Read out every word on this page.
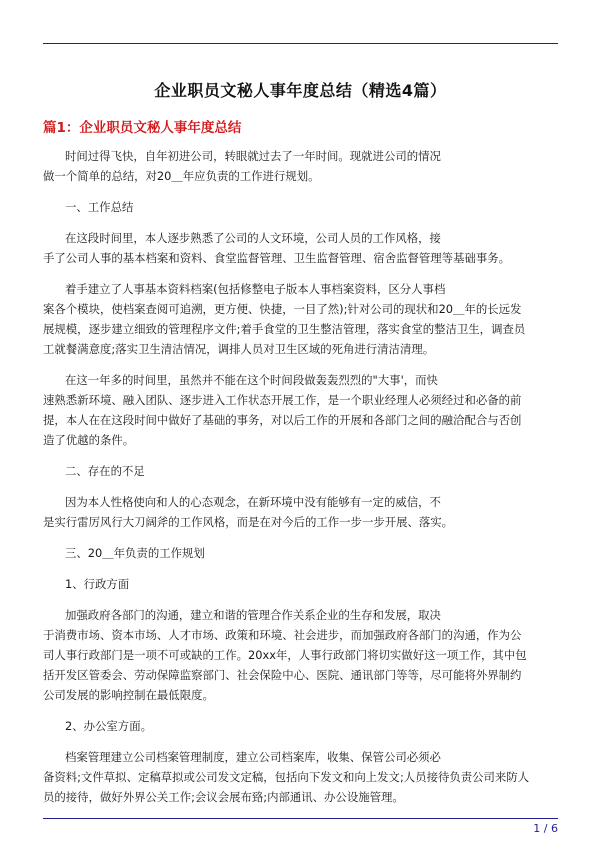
企业职员文秘人事年度总结（精选4篇）
篇1：企业职员文秘人事年度总结

时间过得飞快，自年初进公司，转眼就过去了一年时间。现就进公司的情况
做一个简单的总结，对20＿年应负责的工作进行规划。

一、工作总结

在这段时间里，本人逐步熟悉了公司的人文环境，公司人员的工作风格，接
手了公司人事的基本档案和资料、食堂监督管理、卫生监督管理、宿舍监督管理等基础事务。

着手建立了人事基本资料档案(包括修整电子版本人事档案资料，区分人事档
案各个模块，使档案查阅可追溯，更方便、快捷，一目了然);针对公司的现状和20＿年的长远发
展规模，逐步建立细致的管理程序文件;着手食堂的卫生整洁管理，落实食堂的整洁卫生，调查员
工就餐满意度;落实卫生清洁情况，调排人员对卫生区域的死角进行清洁清理。

在这一年多的时间里，虽然并不能在这个时间段做轰轰烈烈的"大事'，而快
速熟悉新环境、融入团队、逐步进入工作状态开展工作，是一个职业经理人必须经过和必备的前
提，本人在在这段时间中做好了基础的事务，对以后工作的开展和各部门之间的融洽配合与否创
造了优越的条件。

二、存在的不足

因为本人性格使向和人的心态观念，在新环境中没有能够有一定的威信，不
是实行雷厉风行大刀阔斧的工作风格，而是在对今后的工作一步一步开展、落实。

三、20＿年负责的工作规划

1、行政方面

加强政府各部门的沟通，建立和谐的管理合作关系企业的生存和发展，取决
于消费市场、资本市场、人才市场、政策和环境、社会进步，而加强政府各部门的沟通，作为公
司人事行政部门是一项不可或缺的工作。20xx年，人事行政部门将切实做好这一项工作，其中包
括开发区管委会、劳动保障监察部门、社会保险中心、医院、通讯部门等等，尽可能将外界制约
公司发展的影响控制在最低限度。

2、办公室方面。

档案管理建立公司档案管理制度，建立公司档案库，收集、保管公司必须必
备资料;文件草拟、定稿草拟或公司发文定稿，包括向下发文和向上发文;人员接待负责公司来防人
员的接待，做好外界公关工作;会议会展布臵;内部通讯、办公设施管理。

1 / 6
